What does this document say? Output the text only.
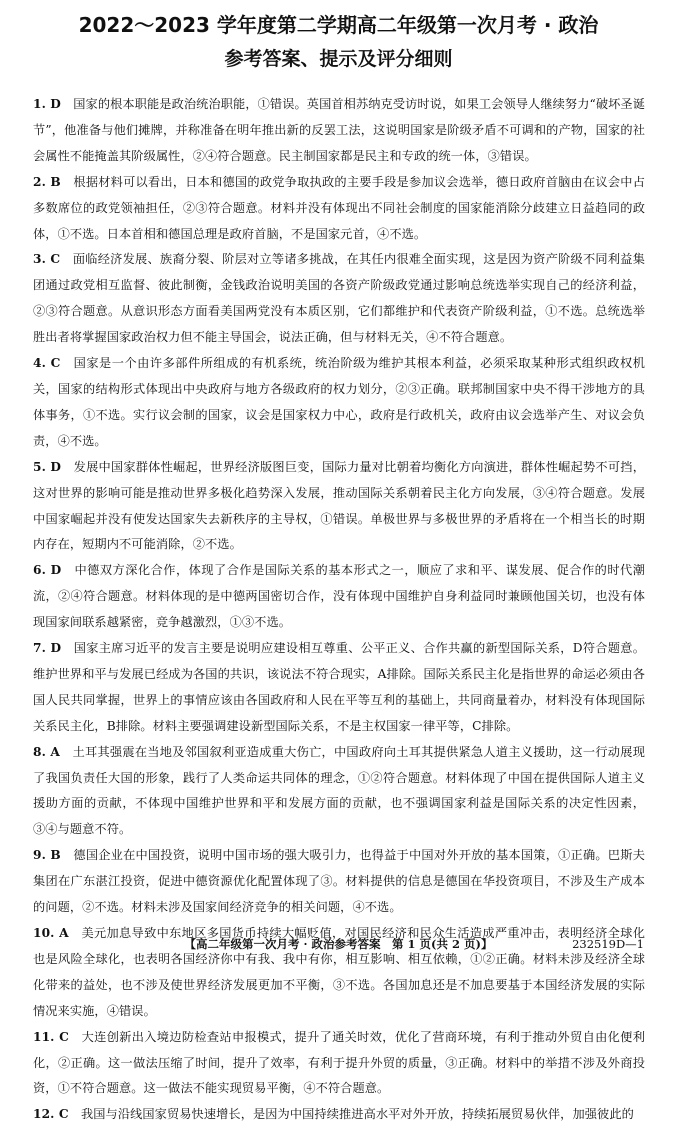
2022～2023 学年度第二学期高二年级第一次月考 · 政治
参考答案、提示及评分细则

1. D　 国家的根本职能是政治统治职能，①错误。英国首相苏纳克受访时说，如果工会领导人继续努力“破坏圣诞节”，他准备与他们摊牌，并称准备在明年推出新的反罢工法，这说明国家是阶级矛盾不可调和的产物，国家的社会属性不能掩盖其阶级属性，②④符合题意。民主制国家都是民主和专政的统一体，③错误。

2. B　 根据材料可以看出，日本和德国的政党争取执政的主要手段是参加议会选举，德日政府首脑由在议会中占多数席位的政党领袖担任，②③符合题意。材料并没有体现出不同社会制度的国家能消除分歧建立日益趋同的政体，①不选。日本首相和德国总理是政府首脑，不是国家元首，④不选。

3. C　 面临经济发展、族裔分裂、阶层对立等诸多挑战，在其任内很难全面实现，这是因为资产阶级不同利益集团通过政党相互监督、彼此制衡，金钱政治说明美国的各资产阶级政党通过影响总统选举实现自己的经济利益，②③符合题意。从意识形态方面看美国两党没有本质区别，它们都维护和代表资产阶级利益，①不选。总统选举胜出者将掌握国家政治权力但不能主导国会，说法正确，但与材料无关，④不符合题意。

4. C　 国家是一个由许多部件所组成的有机系统，统治阶级为维护其根本利益，必须采取某种形式组织政权机关，国家的结构形式体现出中央政府与地方各级政府的权力划分，②③正确。联邦制国家中央不得干涉地方的具体事务，①不选。实行议会制的国家，议会是国家权力中心，政府是行政机关，政府由议会选举产生、对议会负责，④不选。

5. D　 发展中国家群体性崛起，世界经济版图巨变，国际力量对比朝着均衡化方向演进，群体性崛起势不可挡，这对世界的影响可能是推动世界多极化趋势深入发展，推动国际关系朝着民主化方向发展，③④符合题意。发展中国家崛起并没有使发达国家失去新秩序的主导权，①错误。单极世界与多极世界的矛盾将在一个相当长的时期内存在，短期内不可能消除，②不选。

6. D　 中德双方深化合作，体现了合作是国际关系的基本形式之一，顺应了求和平、谋发展、促合作的时代潮流，②④符合题意。材料体现的是中德两国密切合作，没有体现中国维护自身利益同时兼顾他国关切，也没有体现国家间联系越紧密，竞争越激烈，①③不选。

7. D　 国家主席习近平的发言主要是说明应建设相互尊重、公平正义、合作共赢的新型国际关系，D符合题意。维护世界和平与发展已经成为各国的共识，该说法不符合现实，A排除。国际关系民主化是指世界的命运必须由各国人民共同掌握，世界上的事情应该由各国政府和人民在平等互利的基础上，共同商量着办，材料没有体现国际关系民主化，B排除。材料主要强调建设新型国际关系，不是主权国家一律平等，C排除。

8. A　 土耳其强震在当地及邻国叙利亚造成重大伤亡，中国政府向土耳其提供紧急人道主义援助，这一行动展现了我国负责任大国的形象，践行了人类命运共同体的理念，①②符合题意。材料体现了中国在提供国际人道主义援助方面的贡献，不体现中国维护世界和平和发展方面的贡献，也不强调国家利益是国际关系的决定性因素，③④与题意不符。

9. B　 德国企业在中国投资，说明中国市场的强大吸引力，也得益于中国对外开放的基本国策，①正确。巴斯夫集团在广东湛江投资，促进中德资源优化配置体现了③。材料提供的信息是德国在华投资项目，不涉及生产成本的问题，②不选。材料未涉及国家间经济竞争的相关问题，④不选。

10. A　 美元加息导致中东地区多国货币持续大幅贬值，对国民经济和民众生活造成严重冲击，表明经济全球化也是风险全球化，也表明各国经济你中有我、我中有你，相互影响、相互依赖，①②正确。材料未涉及经济全球化带来的益处，也不涉及使世界经济发展更加不平衡，③不选。各国加息还是不加息要基于本国经济发展的实际情况来实施，④错误。

11. C　 大连创新出入境边防检查站申报模式，提升了通关时效，优化了营商环境，有利于推动外贸自由化便利化，②正确。这一做法压缩了时间，提升了效率，有利于提升外贸的质量，③正确。材料中的举措不涉及外商投资，①不符合题意。这一做法不能实现贸易平衡，④不符合题意。

12. C　 我国与沿线国家贸易快速增长，是因为中国持续推进高水平对外开放，持续拓展贸易伙伴，加强彼此的

【高二年级第一次月考 · 政治参考答案　第 1 页(共 2 页)】	232519D—1
